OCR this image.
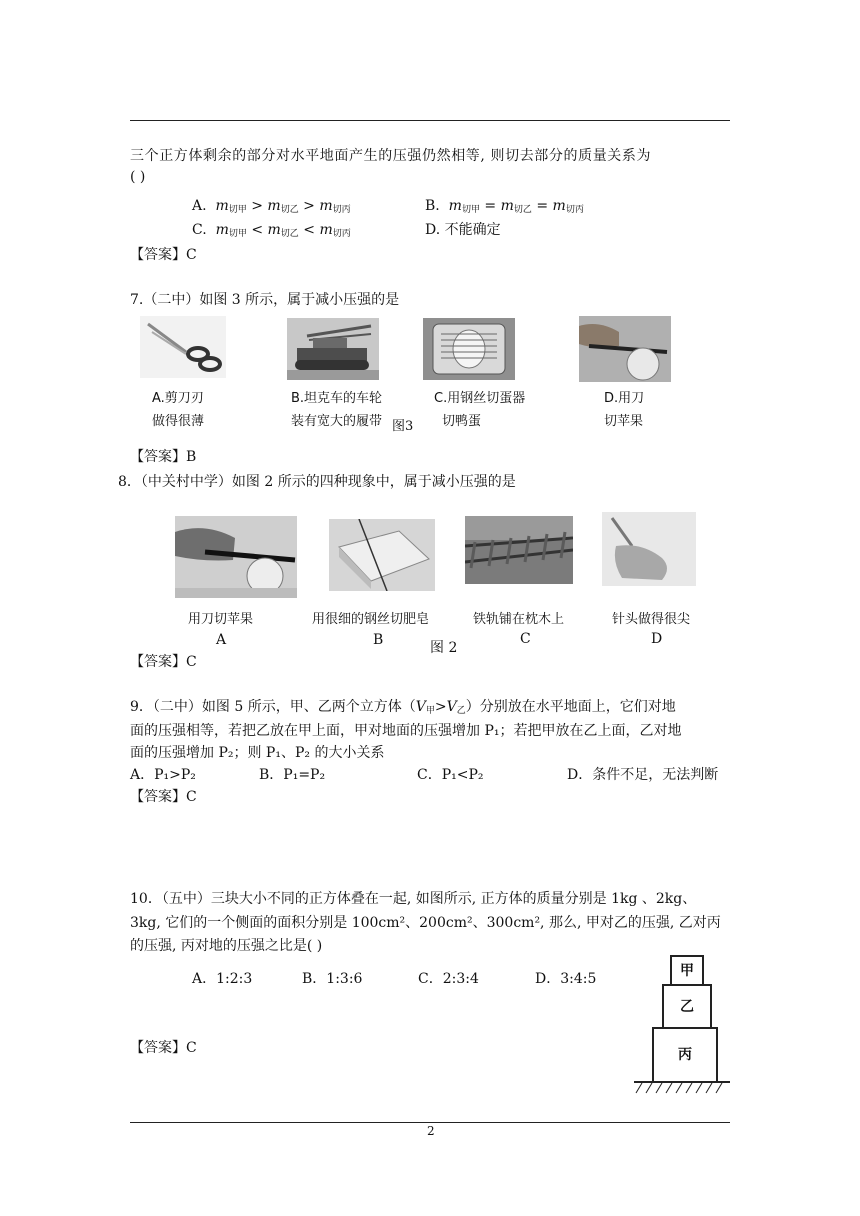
三个正方体剩余的部分对水平地面产生的压强仍然相等, 则切去部分的质量关系为
( )
A. $m_{切甲} > m_{切乙} > m_{切丙}$	B. $m_{切甲} = m_{切乙} = m_{切丙}$
C. $m_{切甲} < m_{切乙} < m_{切丙}$	D. 不能确定
【答案】C
7.（二中）如图 3 所示，属于减小压强的是
A.剪刀刃
做得很薄
B.坦克车的车轮
装有宽大的履带 图3
C.用钢丝切蛋器
切鸭蛋
D.用刀
切苹果
【答案】B
8．（中关村中学）如图 2 所示的四种现象中，属于减小压强的是
用刀切苹果	用很细的钢丝切肥皂	铁轨铺在枕木上	针头做得很尖
A	B	图 2
C	D
【答案】C
9．（二中）如图 5 所示，甲、乙两个立方体$(V_甲>V_乙)$分别放在水平地面上，它们对地
面的压强相等，若把乙放在甲上面，甲对地面的压强增加 P₁；若把甲放在乙上面，乙对地
面的压强增加 P₂；则 P₁、P₂ 的大小关系
A．P₁>P₂	B．P₁=P₂	C．P₁<P₂	D．条件不足，无法判断
【答案】C
10．（五中）三块大小不同的正方体叠在一起, 如图所示, 正方体的质量分别是 1kg 、2kg、
3kg, 它们的一个侧面的面积分别是 100cm²、200cm²、300cm², 那么, 甲对乙的压强, 乙对丙
的压强, 丙对地的压强之比是( )
A．1:2:3	B．1:3:6	C．2:3:4	D．3:4:5
【答案】C
甲
乙
丙
2
